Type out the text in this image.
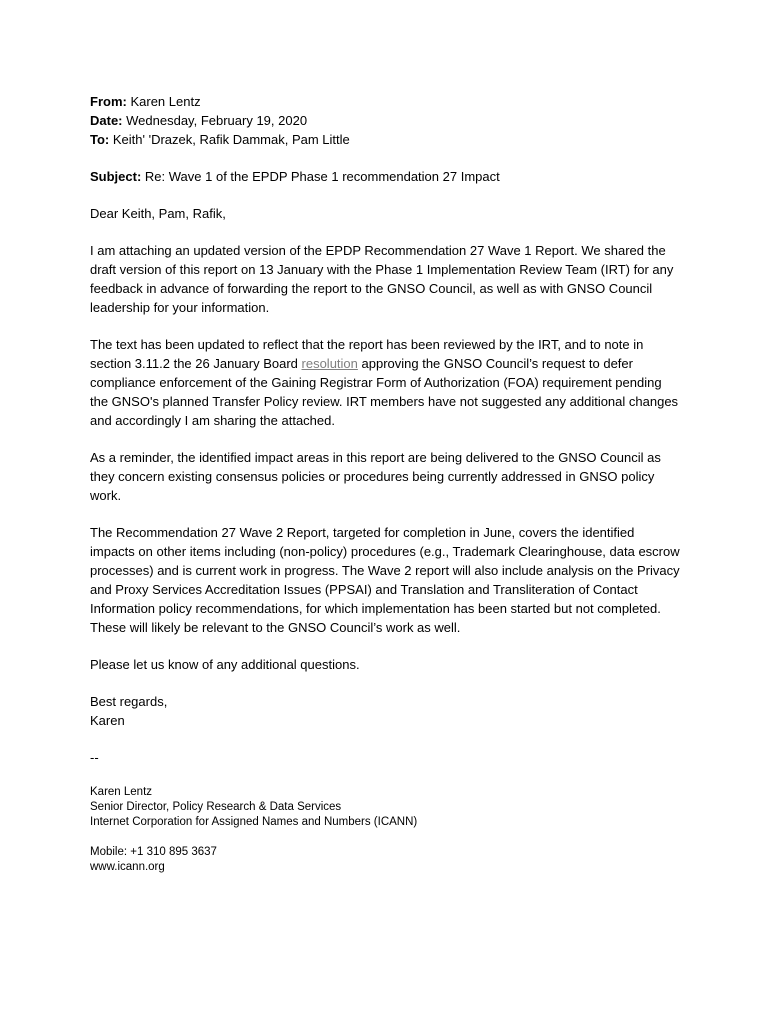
From: Karen Lentz

Date: Wednesday, February 19, 2020

To: Keith' 'Drazek, Rafik Dammak, Pam Little

Subject: Re: Wave 1 of the EPDP Phase 1 recommendation 27 Impact

Dear Keith, Pam, Rafik,

I am attaching an updated version of the EPDP Recommendation 27 Wave 1 Report. We shared the draft version of this report on 13 January with the Phase 1 Implementation Review Team (IRT) for any feedback in advance of forwarding the report to the GNSO Council, as well as with GNSO Council leadership for your information.

The text has been updated to reflect that the report has been reviewed by the IRT, and to note in section 3.11.2 the 26 January Board resolution approving the GNSO Council’s request to defer compliance enforcement of the Gaining Registrar Form of Authorization (FOA) requirement pending the GNSO's planned Transfer Policy review. IRT members have not suggested any additional changes and accordingly I am sharing the attached.

As a reminder, the identified impact areas in this report are being delivered to the GNSO Council as they concern existing consensus policies or procedures being currently addressed in GNSO policy work.

The Recommendation 27 Wave 2 Report, targeted for completion in June, covers the identified impacts on other items including (non-policy) procedures (e.g., Trademark Clearinghouse, data escrow processes) and is current work in progress. The Wave 2 report will also include analysis on the Privacy and Proxy Services Accreditation Issues (PPSAI) and Translation and Transliteration of Contact Information policy recommendations, for which implementation has been started but not completed. These will likely be relevant to the GNSO Council’s work as well.

Please let us know of any additional questions.

Best regards,
Karen
--
Karen Lentz
Senior Director, Policy Research & Data Services
Internet Corporation for Assigned Names and Numbers (ICANN)
Mobile: +1 310 895 3637
www.icann.org
